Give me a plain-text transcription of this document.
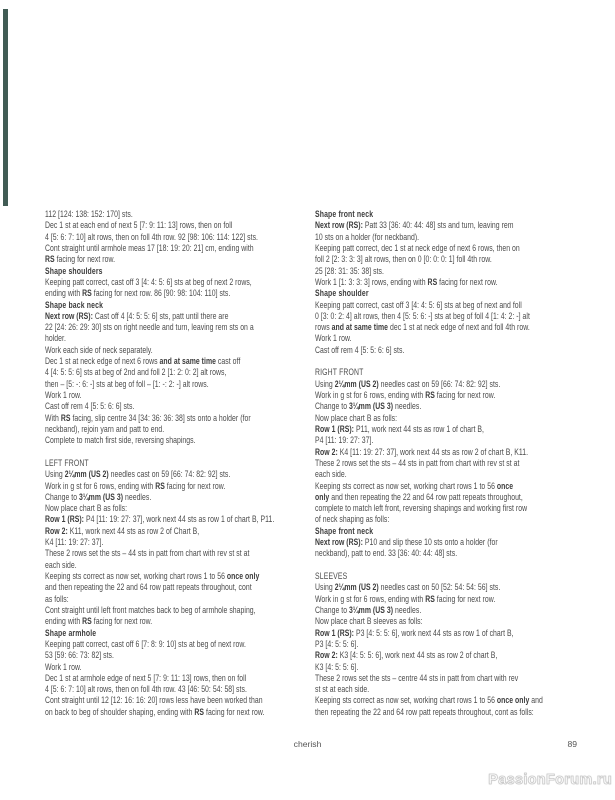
112 [124: 138: 152: 170] sts.
Dec 1 st at each end of next 5 [7: 9: 11: 13] rows, then on foll
4 [5: 6: 7: 10] alt rows, then on foll 4th row. 92 [98: 106: 114: 122] sts.
Cont straight until armhole meas 17 [18: 19: 20: 21] cm, ending with
RS facing for next row.
Shape shoulders
Keeping patt correct, cast off 3 [4: 4: 5: 6] sts at beg of next 2 rows,
ending with RS facing for next row. 86 [90: 98: 104: 110] sts.
Shape back neck
Next row (RS): Cast off 4 [4: 5: 5: 6] sts, patt until there are
22 [24: 26: 29: 30] sts on right needle and turn, leaving rem sts on a
holder.
Work each side of neck separately.
Dec 1 st at neck edge of next 6 rows and at same time cast off
4 [4: 5: 5: 6] sts at beg of 2nd and foll 2 [1: 2: 0: 2] alt rows,
then – [5: -: 6: -] sts at beg of foll – [1: -: 2: -] alt rows.
Work 1 row.
Cast off rem 4 [5: 5: 6: 6] sts.
With RS facing, slip centre 34 [34: 36: 36: 38] sts onto a holder (for
neckband), rejoin yarn and patt to end.
Complete to match first side, reversing shapings.
LEFT FRONT
Using 2¼mm (US 2) needles cast on 59 [66: 74: 82: 92] sts.
Work in g st for 6 rows, ending with RS facing for next row.
Change to 3¼mm (US 3) needles.
Now place chart B as folls:
Row 1 (RS): P4 [11: 19: 27: 37], work next 44 sts as row 1 of chart B, P11.
Row 2: K11, work next 44 sts as row 2 of Chart B,
K4 [11: 19: 27: 37].
These 2 rows set the sts – 44 sts in patt from chart with rev st st at
each side.
Keeping sts correct as now set, working chart rows 1 to 56 once only
and then repeating the 22 and 64 row patt repeats throughout, cont
as folls:
Cont straight until left front matches back to beg of armhole shaping,
ending with RS facing for next row.
Shape armhole
Keeping patt correct, cast off 6 [7: 8: 9: 10] sts at beg of next row.
53 [59: 66: 73: 82] sts.
Work 1 row.
Dec 1 st at armhole edge of next 5 [7: 9: 11: 13] rows, then on foll
4 [5: 6: 7: 10] alt rows, then on foll 4th row. 43 [46: 50: 54: 58] sts.
Cont straight until 12 [12: 16: 16: 20] rows less have been worked than
on back to beg of shoulder shaping, ending with RS facing for next row.
Shape front neck
Next row (RS): Patt 33 [36: 40: 44: 48] sts and turn, leaving rem
10 sts on a holder (for neckband).
Keeping patt correct, dec 1 st at neck edge of next 6 rows, then on
foll 2 [2: 3: 3: 3] alt rows, then on 0 [0: 0: 0: 1] foll 4th row.
25 [28: 31: 35: 38] sts.
Work 1 [1: 3: 3: 3] rows, ending with RS facing for next row.
Shape shoulder
Keeping patt correct, cast off 3 [4: 4: 5: 6] sts at beg of next and foll
0 [3: 0: 2: 4] alt rows, then 4 [5: 5: 6: -] sts at beg of foll 4 [1: 4: 2: -] alt
rows and at same time dec 1 st at neck edge of next and foll 4th row.
Work 1 row.
Cast off rem 4 [5: 5: 6: 6] sts.
RIGHT FRONT
Using 2¼mm (US 2) needles cast on 59 [66: 74: 82: 92] sts.
Work in g st for 6 rows, ending with RS facing for next row.
Change to 3¼mm (US 3) needles.
Now place chart B as folls:
Row 1 (RS): P11, work next 44 sts as row 1 of chart B,
P4 [11: 19: 27: 37].
Row 2: K4 [11: 19: 27: 37], work next 44 sts as row 2 of chart B, K11.
These 2 rows set the sts – 44 sts in patt from chart with rev st st at
each side.
Keeping sts correct as now set, working chart rows 1 to 56 once
only and then repeating the 22 and 64 row patt repeats throughout,
complete to match left front, reversing shapings and working first row
of neck shaping as folls:
Shape front neck
Next row (RS): P10 and slip these 10 sts onto a holder (for
neckband), patt to end. 33 [36: 40: 44: 48] sts.
SLEEVES
Using 2¼mm (US 2) needles cast on 50 [52: 54: 54: 56] sts.
Work in g st for 6 rows, ending with RS facing for next row.
Change to 3¼mm (US 3) needles.
Now place chart B sleeves as folls:
Row 1 (RS): P3 [4: 5: 5: 6], work next 44 sts as row 1 of chart B,
P3 [4: 5: 5: 6].
Row 2: K3 [4: 5: 5: 6], work next 44 sts as row 2 of chart B,
K3 [4: 5: 5: 6].
These 2 rows set the sts – centre 44 sts in patt from chart with rev
st st at each side.
Keeping sts correct as now set, working chart rows 1 to 56 once only and
then repeating the 22 and 64 row patt repeats throughout, cont as folls:
cherish	89
PassionForum.ru
